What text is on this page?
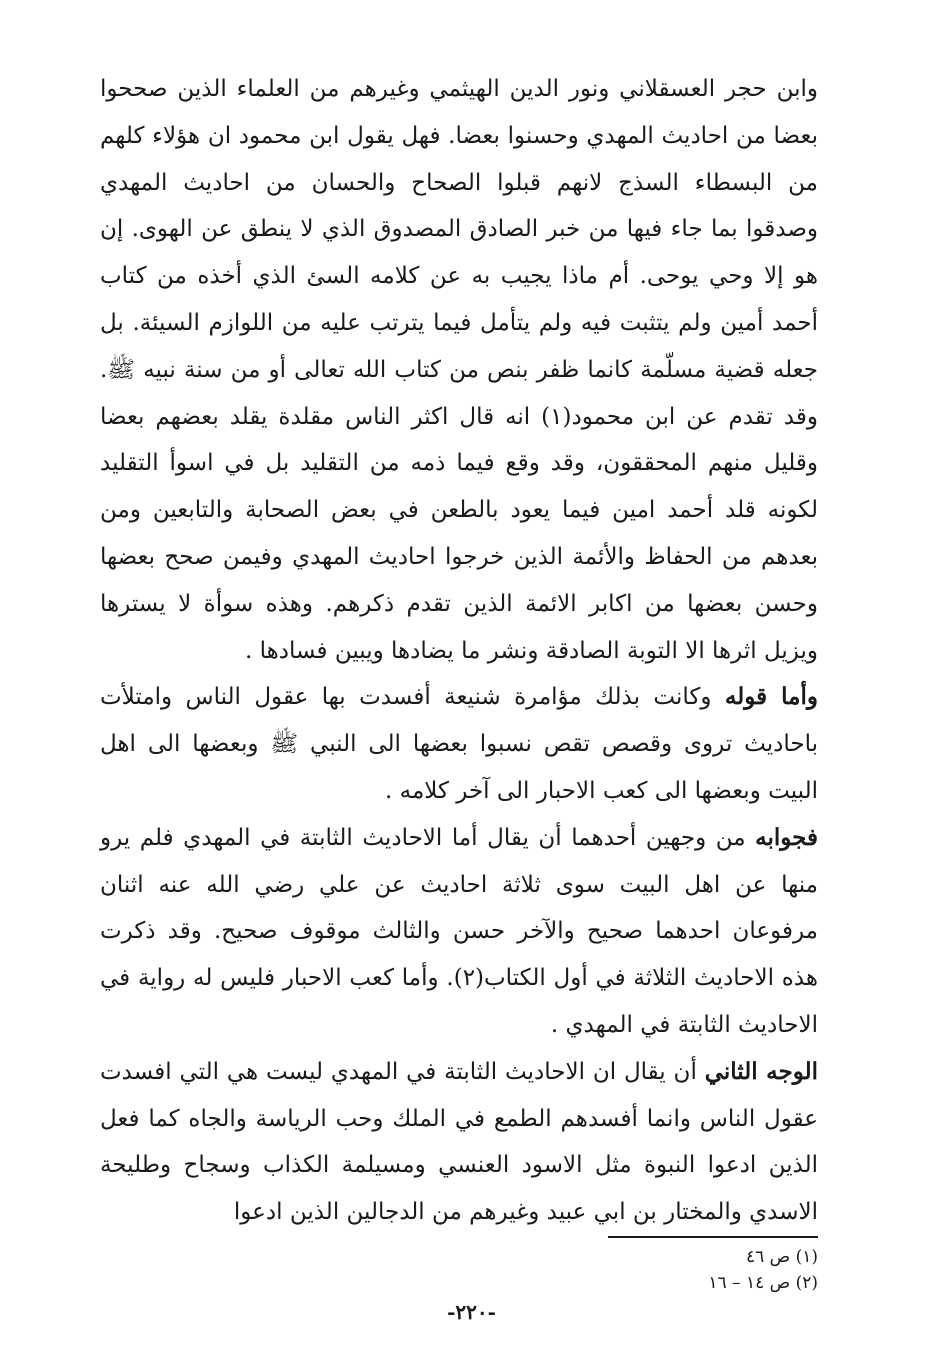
وابن حجر العسقلاني ونور الدين الهيثمي وغيرهم من العلماء الذين صححوا بعضا من احاديث المهدي وحسنوا بعضا. فهل يقول ابن محمود ان هؤلاء كلهم من البسطاء السذج لانهم قبلوا الصحاح والحسان من احاديث المهدي وصدقوا بما جاء فيها من خبر الصادق المصدوق الذي لا ينطق عن الهوى. إن هو إلا وحي يوحى. أم ماذا يجيب به عن كلامه السئ الذي أخذه من كتاب أحمد أمين ولم يتثبت فيه ولم يتأمل فيما يترتب عليه من اللوازم السيئة. بل جعله قضية مسلّمة كانما ظفر بنص من كتاب الله تعالى أو من سنة نبيه ﷺ. وقد تقدم عن ابن محمود(١) انه قال اكثر الناس مقلدة يقلد بعضهم بعضا وقليل منهم المحققون، وقد وقع فيما ذمه من التقليد بل في اسوأ التقليد لكونه قلد أحمد امين فيما يعود بالطعن في بعض الصحابة والتابعين ومن بعدهم من الحفاظ والأئمة الذين خرجوا احاديث المهدي وفيمن صحح بعضها وحسن بعضها من اكابر الائمة الذين تقدم ذكرهم. وهذه سوأة لا يسترها ويزيل اثرها الا التوبة الصادقة ونشر ما يضادها ويبين فسادها .

وأما قوله وكانت بذلك مؤامرة شنيعة أفسدت بها عقول الناس وامتلأت باحاديث تروى وقصص تقص نسبوا بعضها الى النبي ﷺ وبعضها الى اهل البيت وبعضها الى كعب الاحبار الى آخر كلامه .

فجوابه من وجهين أحدهما أن يقال أما الاحاديث الثابتة في المهدي فلم يرو منها عن اهل البيت سوى ثلاثة احاديث عن علي رضي الله عنه اثنان مرفوعان احدهما صحيح والآخر حسن والثالث موقوف صحيح. وقد ذكرت هذه الاحاديث الثلاثة في أول الكتاب(٢). وأما كعب الاحبار فليس له رواية في الاحاديث الثابتة في المهدي .

الوجه الثاني أن يقال ان الاحاديث الثابتة في المهدي ليست هي التي افسدت عقول الناس وانما أفسدهم الطمع في الملك وحب الرياسة والجاه كما فعل الذين ادعوا النبوة مثل الاسود العنسي ومسيلمة الكذاب وسجاح وطليحة الاسدي والمختار بن ابي عبيد وغيرهم من الدجالين الذين ادعوا

(١) ص ٤٦
(٢) ص ١٤ – ١٦
-٢٢٠-
